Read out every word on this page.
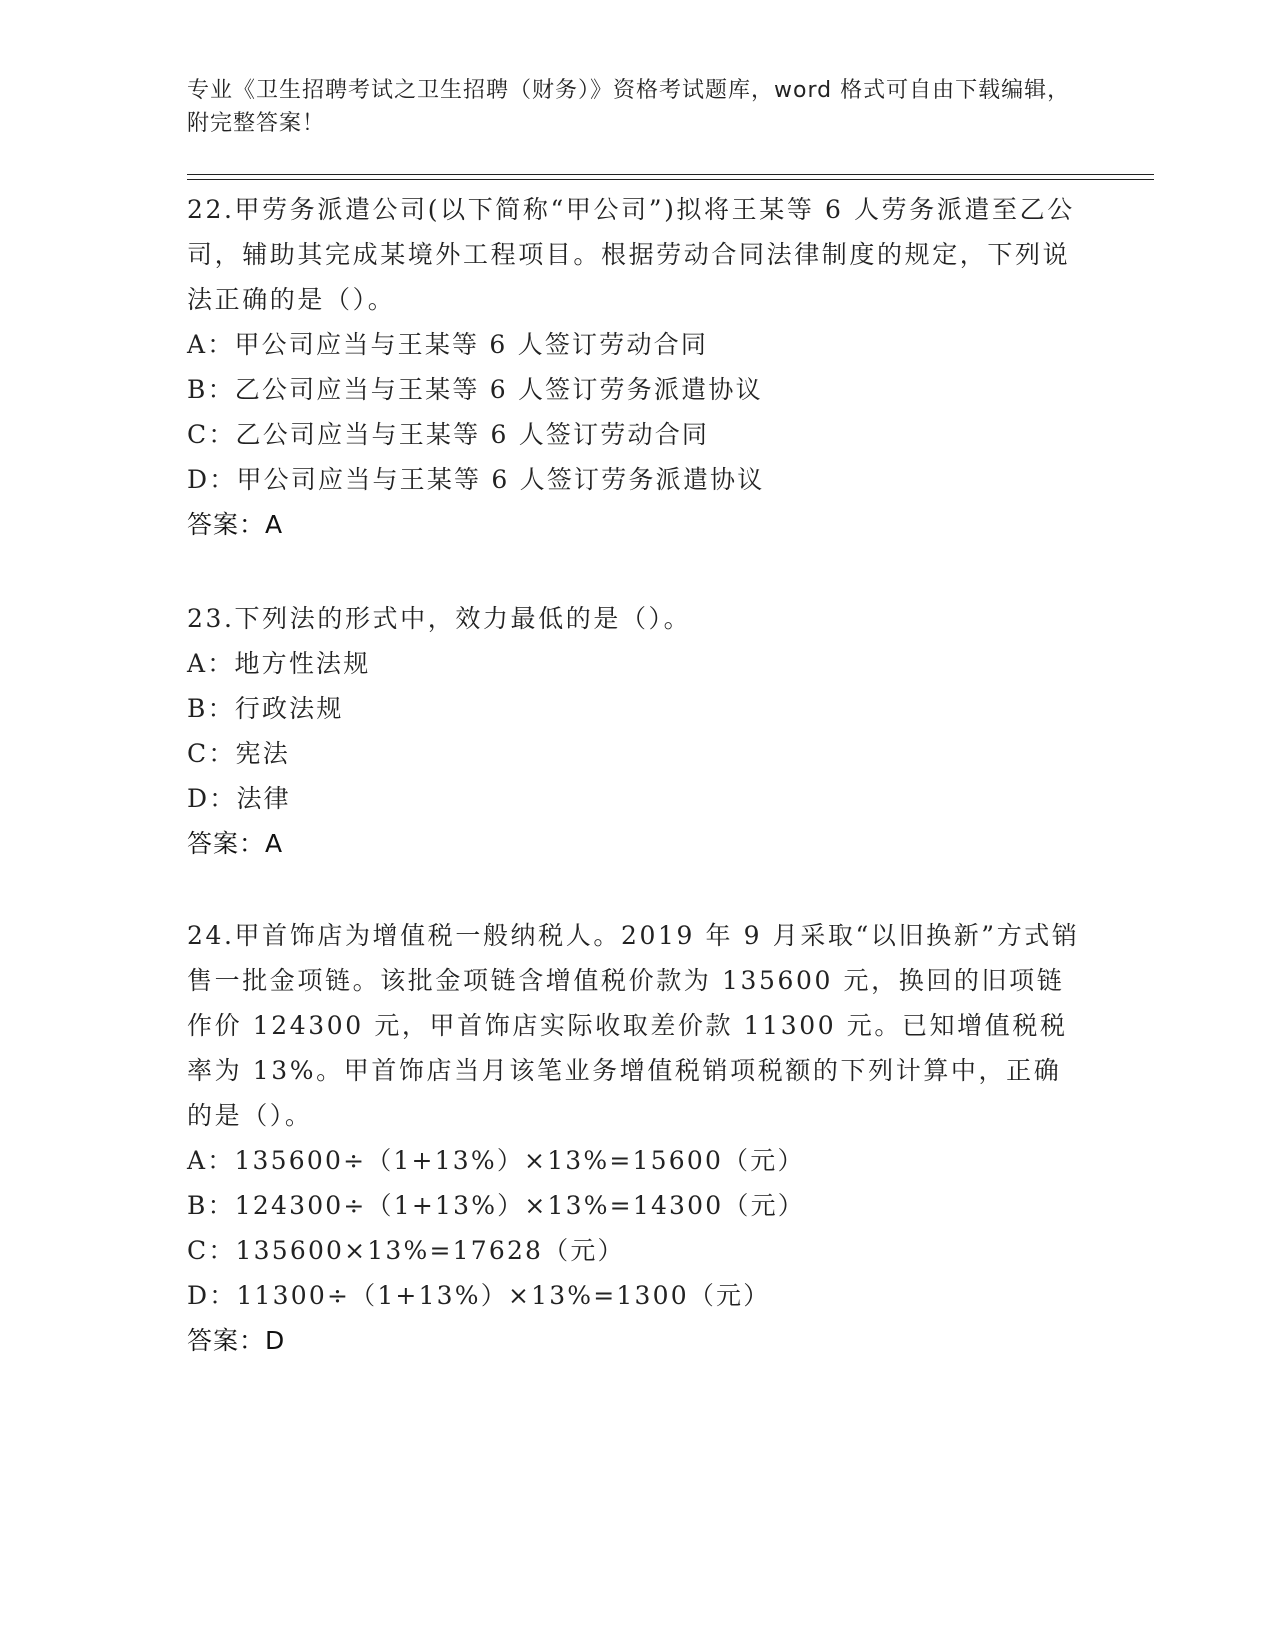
专业《卫生招聘考试之卫生招聘（财务）》资格考试题库，word 格式可自由下载编辑，附完整答案！

22.甲劳务派遣公司(以下简称“甲公司”)拟将王某等 6 人劳务派遣至乙公司，辅助其完成某境外工程项目。根据劳动合同法律制度的规定，下列说法正确的是（）。

A：甲公司应当与王某等 6 人签订劳动合同

B：乙公司应当与王某等 6 人签订劳务派遣协议

C：乙公司应当与王某等 6 人签订劳动合同

D：甲公司应当与王某等 6 人签订劳务派遣协议

答案：A

23.下列法的形式中，效力最低的是（）。

A：地方性法规

B：行政法规

C：宪法

D：法律

答案：A

24.甲首饰店为增值税一般纳税人。2019 年 9 月采取“以旧换新”方式销售一批金项链。该批金项链含增值税价款为 135600 元，换回的旧项链作价 124300 元，甲首饰店实际收取差价款 11300 元。已知增值税税率为 13%。甲首饰店当月该笔业务增值税销项税额的下列计算中，正确的是（）。

A：135600÷（1+13%）×13%=15600（元）

B：124300÷（1+13%）×13%=14300（元）

C：135600×13%=17628（元）

D：11300÷（1+13%）×13%=1300（元）

答案：D
